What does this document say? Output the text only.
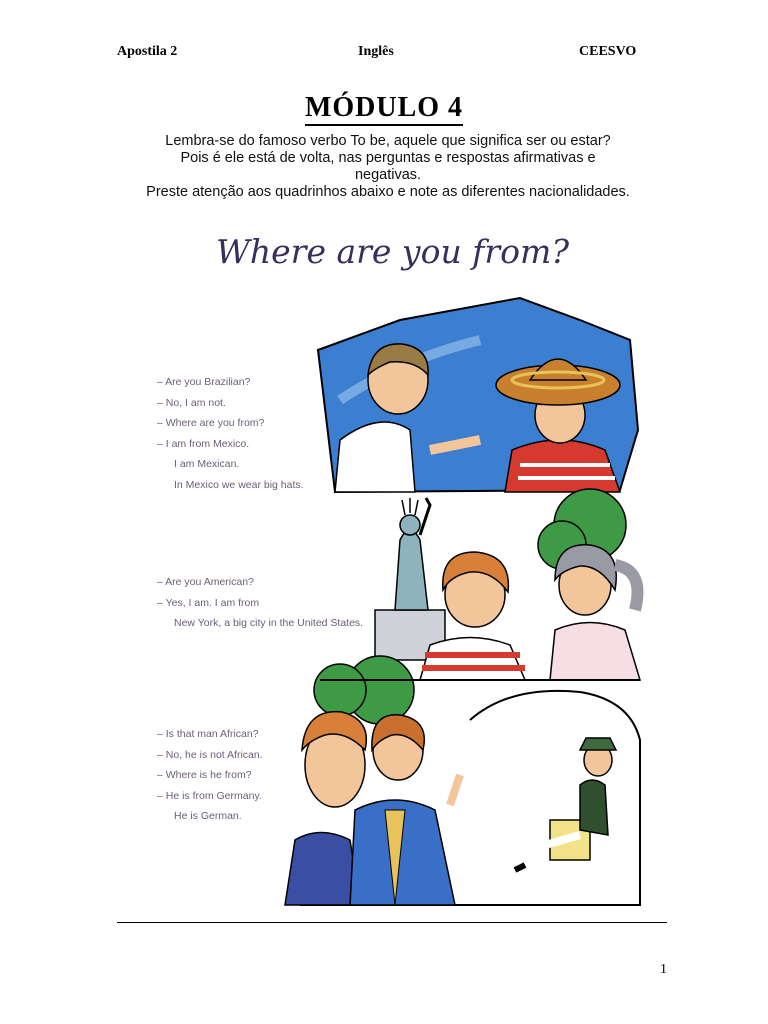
Apostila 2	Inglês	CEESVO
MÓDULO 4
Lembra-se do famoso verbo To be, aquele que significa ser ou estar?
Pois é ele está de volta, nas perguntas e respostas afirmativas e
negativas.
Preste atenção aos quadrinhos abaixo e note as diferentes nacionalidades.
Where are you from?
– Are you Brazilian?
– No, I am not.
– Where are you from?
– I am from Mexico.
I am Mexican.
In Mexico we wear big hats.
– Are you American?
– Yes, I am. I am from
New York, a big city in the United States.
– Is that man African?
– No, he is not African.
– Where is he from?
– He is from Germany.
He is German.
1
